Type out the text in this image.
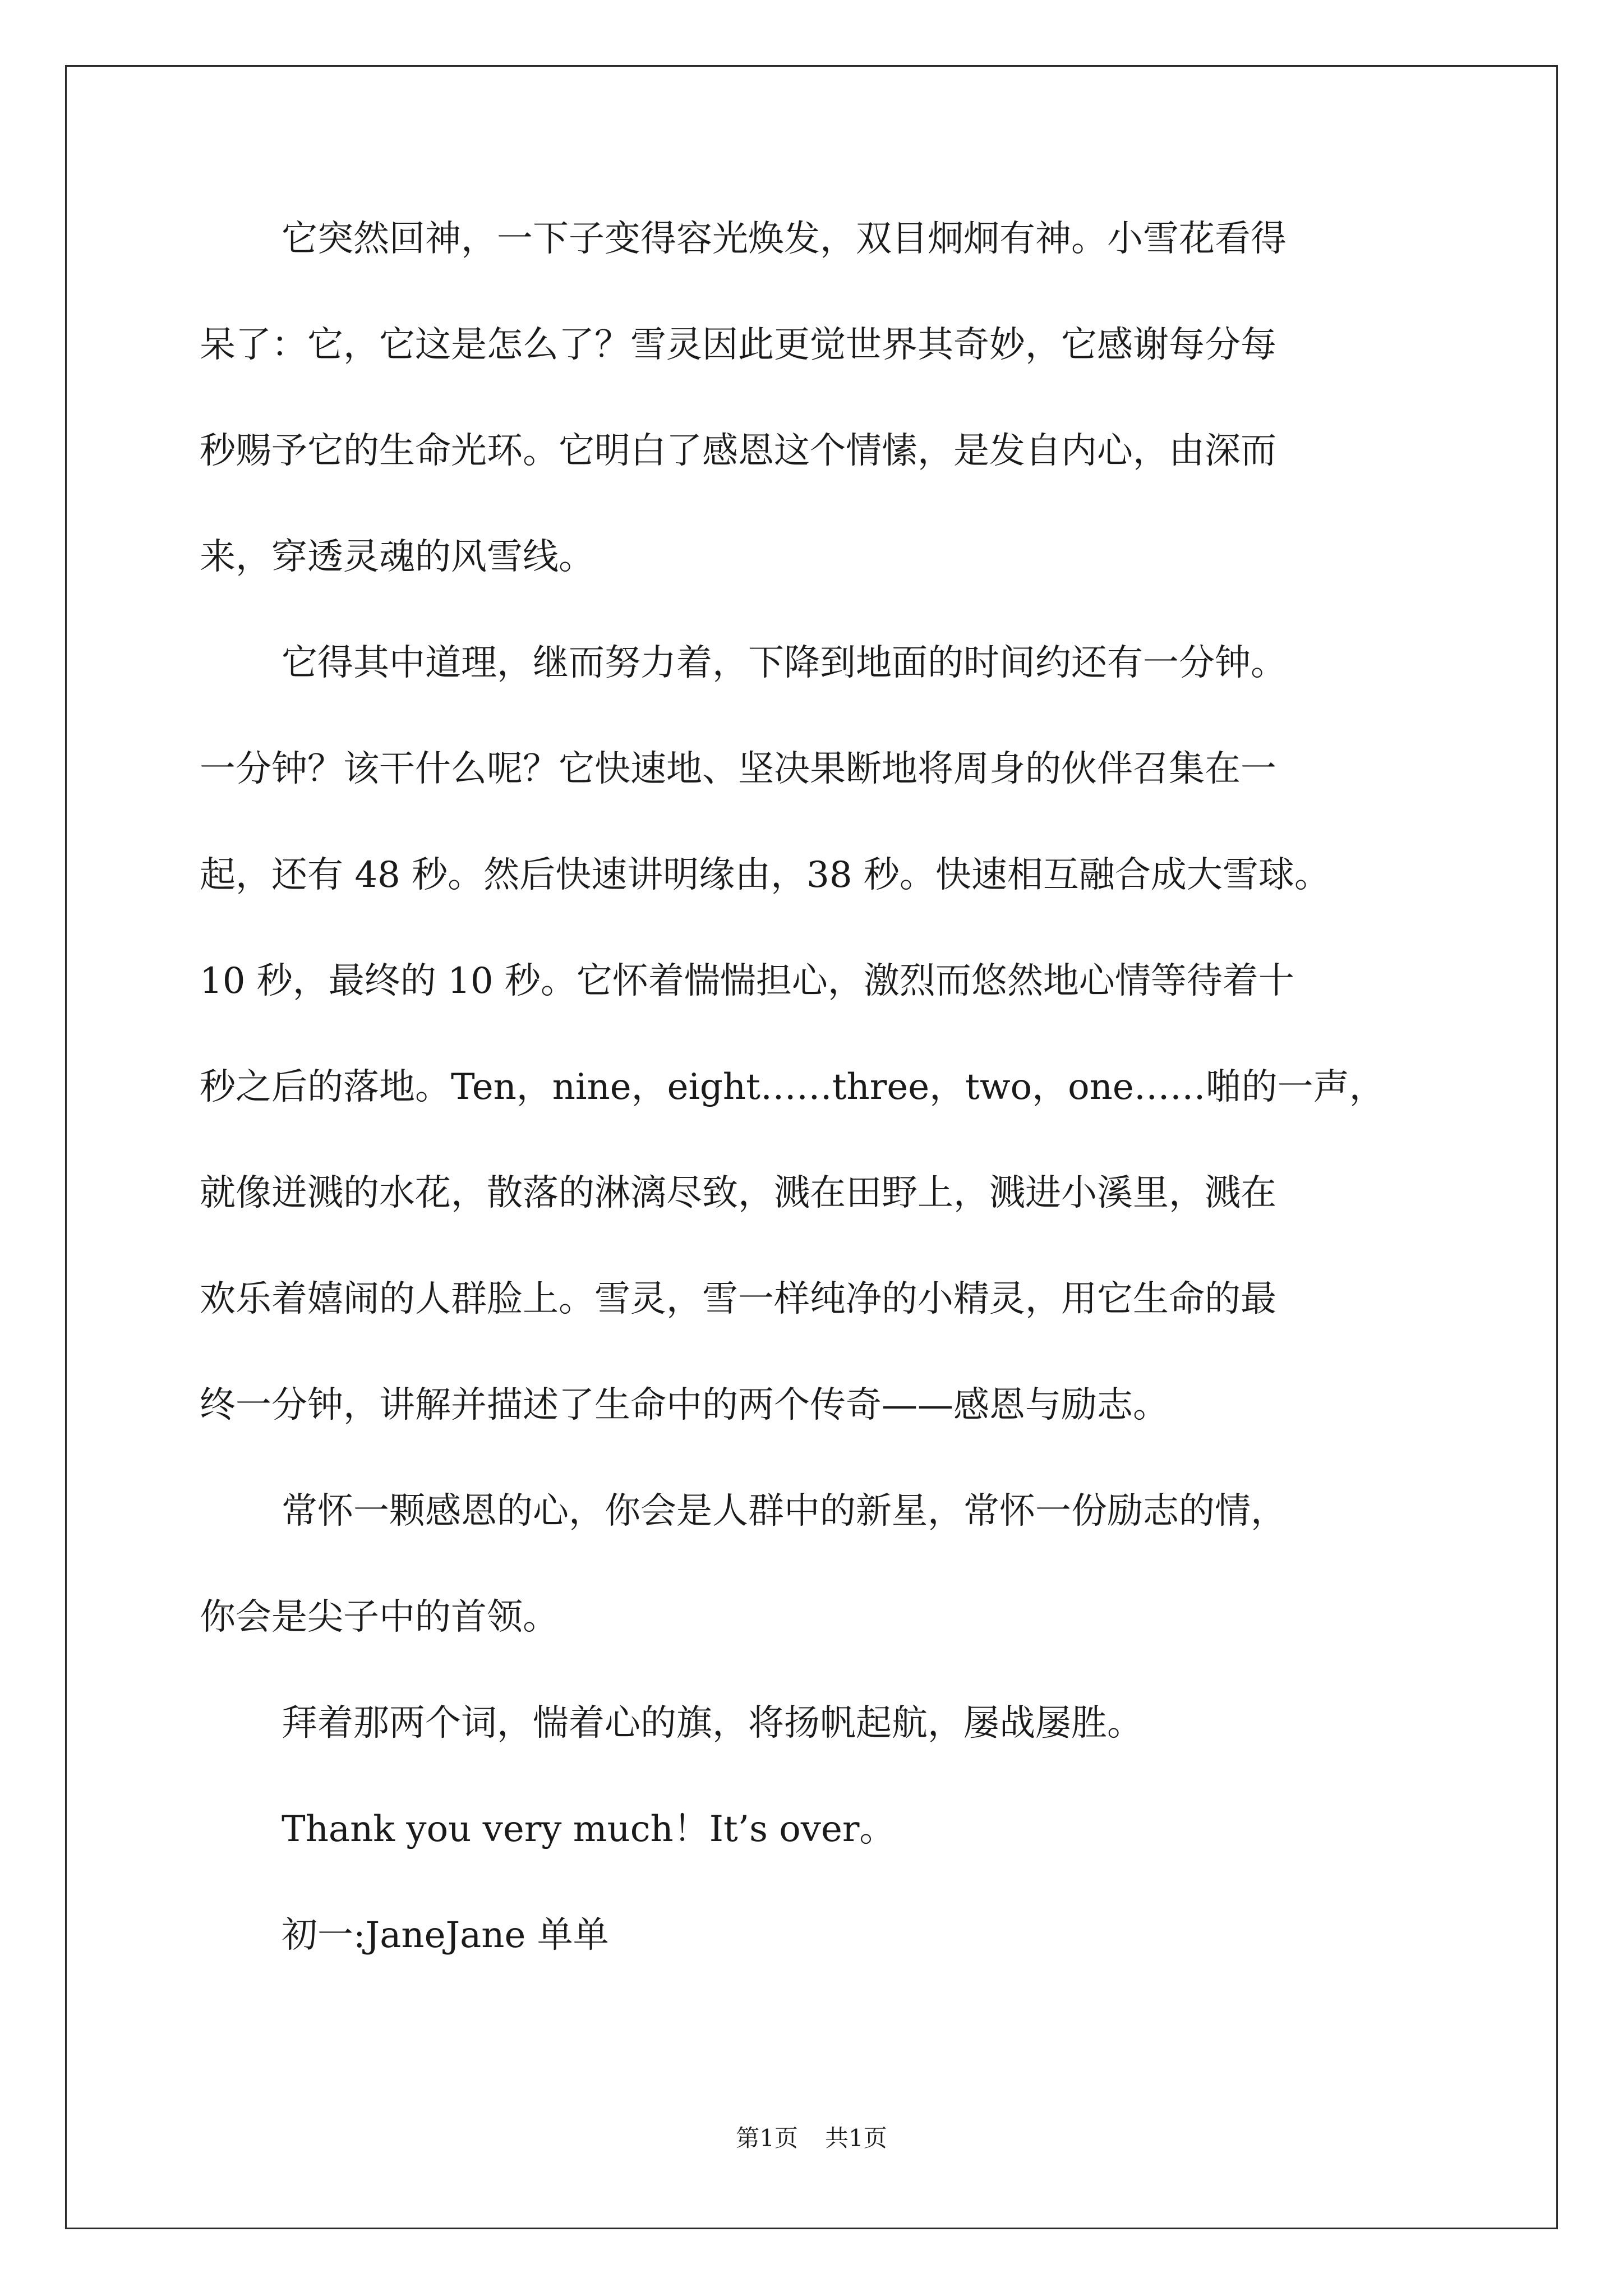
它突然回神，一下子变得容光焕发，双目炯炯有神。小雪花看得
呆了：它，它这是怎么了？雪灵因此更觉世界其奇妙，它感谢每分每
秒赐予它的生命光环。它明白了感恩这个情愫，是发自内心，由深而
来，穿透灵魂的风雪线。
它得其中道理，继而努力着，下降到地面的时间约还有一分钟。
一分钟？该干什么呢？它快速地、坚决果断地将周身的伙伴召集在一
起，还有 48 秒。然后快速讲明缘由，38 秒。快速相互融合成大雪球。
10 秒，最终的 10 秒。它怀着惴惴担心，激烈而悠然地心情等待着十
秒之后的落地。Ten，nine，eight……three，two，one……啪的一声，
就像迸溅的水花，散落的淋漓尽致，溅在田野上，溅进小溪里，溅在
欢乐着嬉闹的人群脸上。雪灵，雪一样纯净的小精灵，用它生命的最
终一分钟，讲解并描述了生命中的两个传奇——感恩与励志。
常怀一颗感恩的心，你会是人群中的新星，常怀一份励志的情，
你会是尖子中的首领。
拜着那两个词，惴着心的旗，将扬帆起航，屡战屡胜。
Thank you very much！It’s over。
初一:JaneJane 单单
第1页 共1页
